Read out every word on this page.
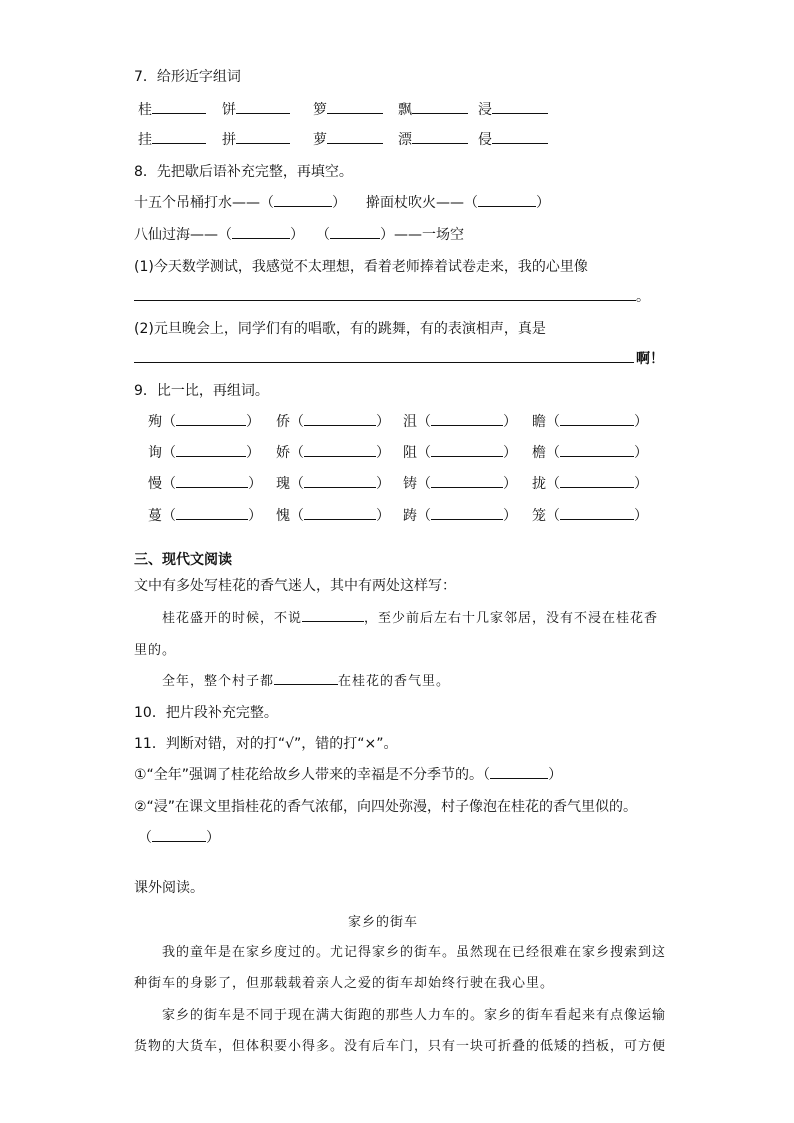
7．给形近字组词
桂	饼	箩	飘	浸
挂	拼	萝	漂	侵
8．先把歇后语补充完整，再填空。
十五个吊桶打水——（	） 擀面杖吹火——（	）
八仙过海——（	） （	）——一场空
(1)今天数学测试，我感觉不太理想，看着老师捧着试卷走来，我的心里像
。
(2)元旦晚会上，同学们有的唱歌，有的跳舞，有的表演相声，真是
啊！
9．比一比，再组词。
殉（	） 侨（	） 沮（	） 瞻（	）
询（	） 娇（	） 阻（	） 檐（	）
慢（	） 瑰（	） 铸（	） 拢（	）
蔓（	） 愧（	） 踌（	） 笼（	）
三、现代文阅读
文中有多处写桂花的香气迷人，其中有两处这样写：
桂花盛开的时候，不说	，至少前后左右十几家邻居，没有不浸在桂花香
里的。
全年，整个村子都	在桂花的香气里。
10．把片段补充完整。
11．判断对错，对的打“√”，错的打“×”。
①“全年”强调了桂花给故乡人带来的幸福是不分季节的。（	）
②“浸”在课文里指桂花的香气浓郁，向四处弥漫，村子像泡在桂花的香气里似的。
（	）
课外阅读。
家乡的街车
我的童年是在家乡度过的。尤记得家乡的街车。虽然现在已经很难在家乡搜索到这
种街车的身影了，但那载载着亲人之爱的街车却始终行驶在我心里。
家乡的街车是不同于现在满大街跑的那些人力车的。家乡的街车看起来有点像运输
货物的大货车，但体积要小得多。没有后车门，只有一块可折叠的低矮的挡板，可方便
